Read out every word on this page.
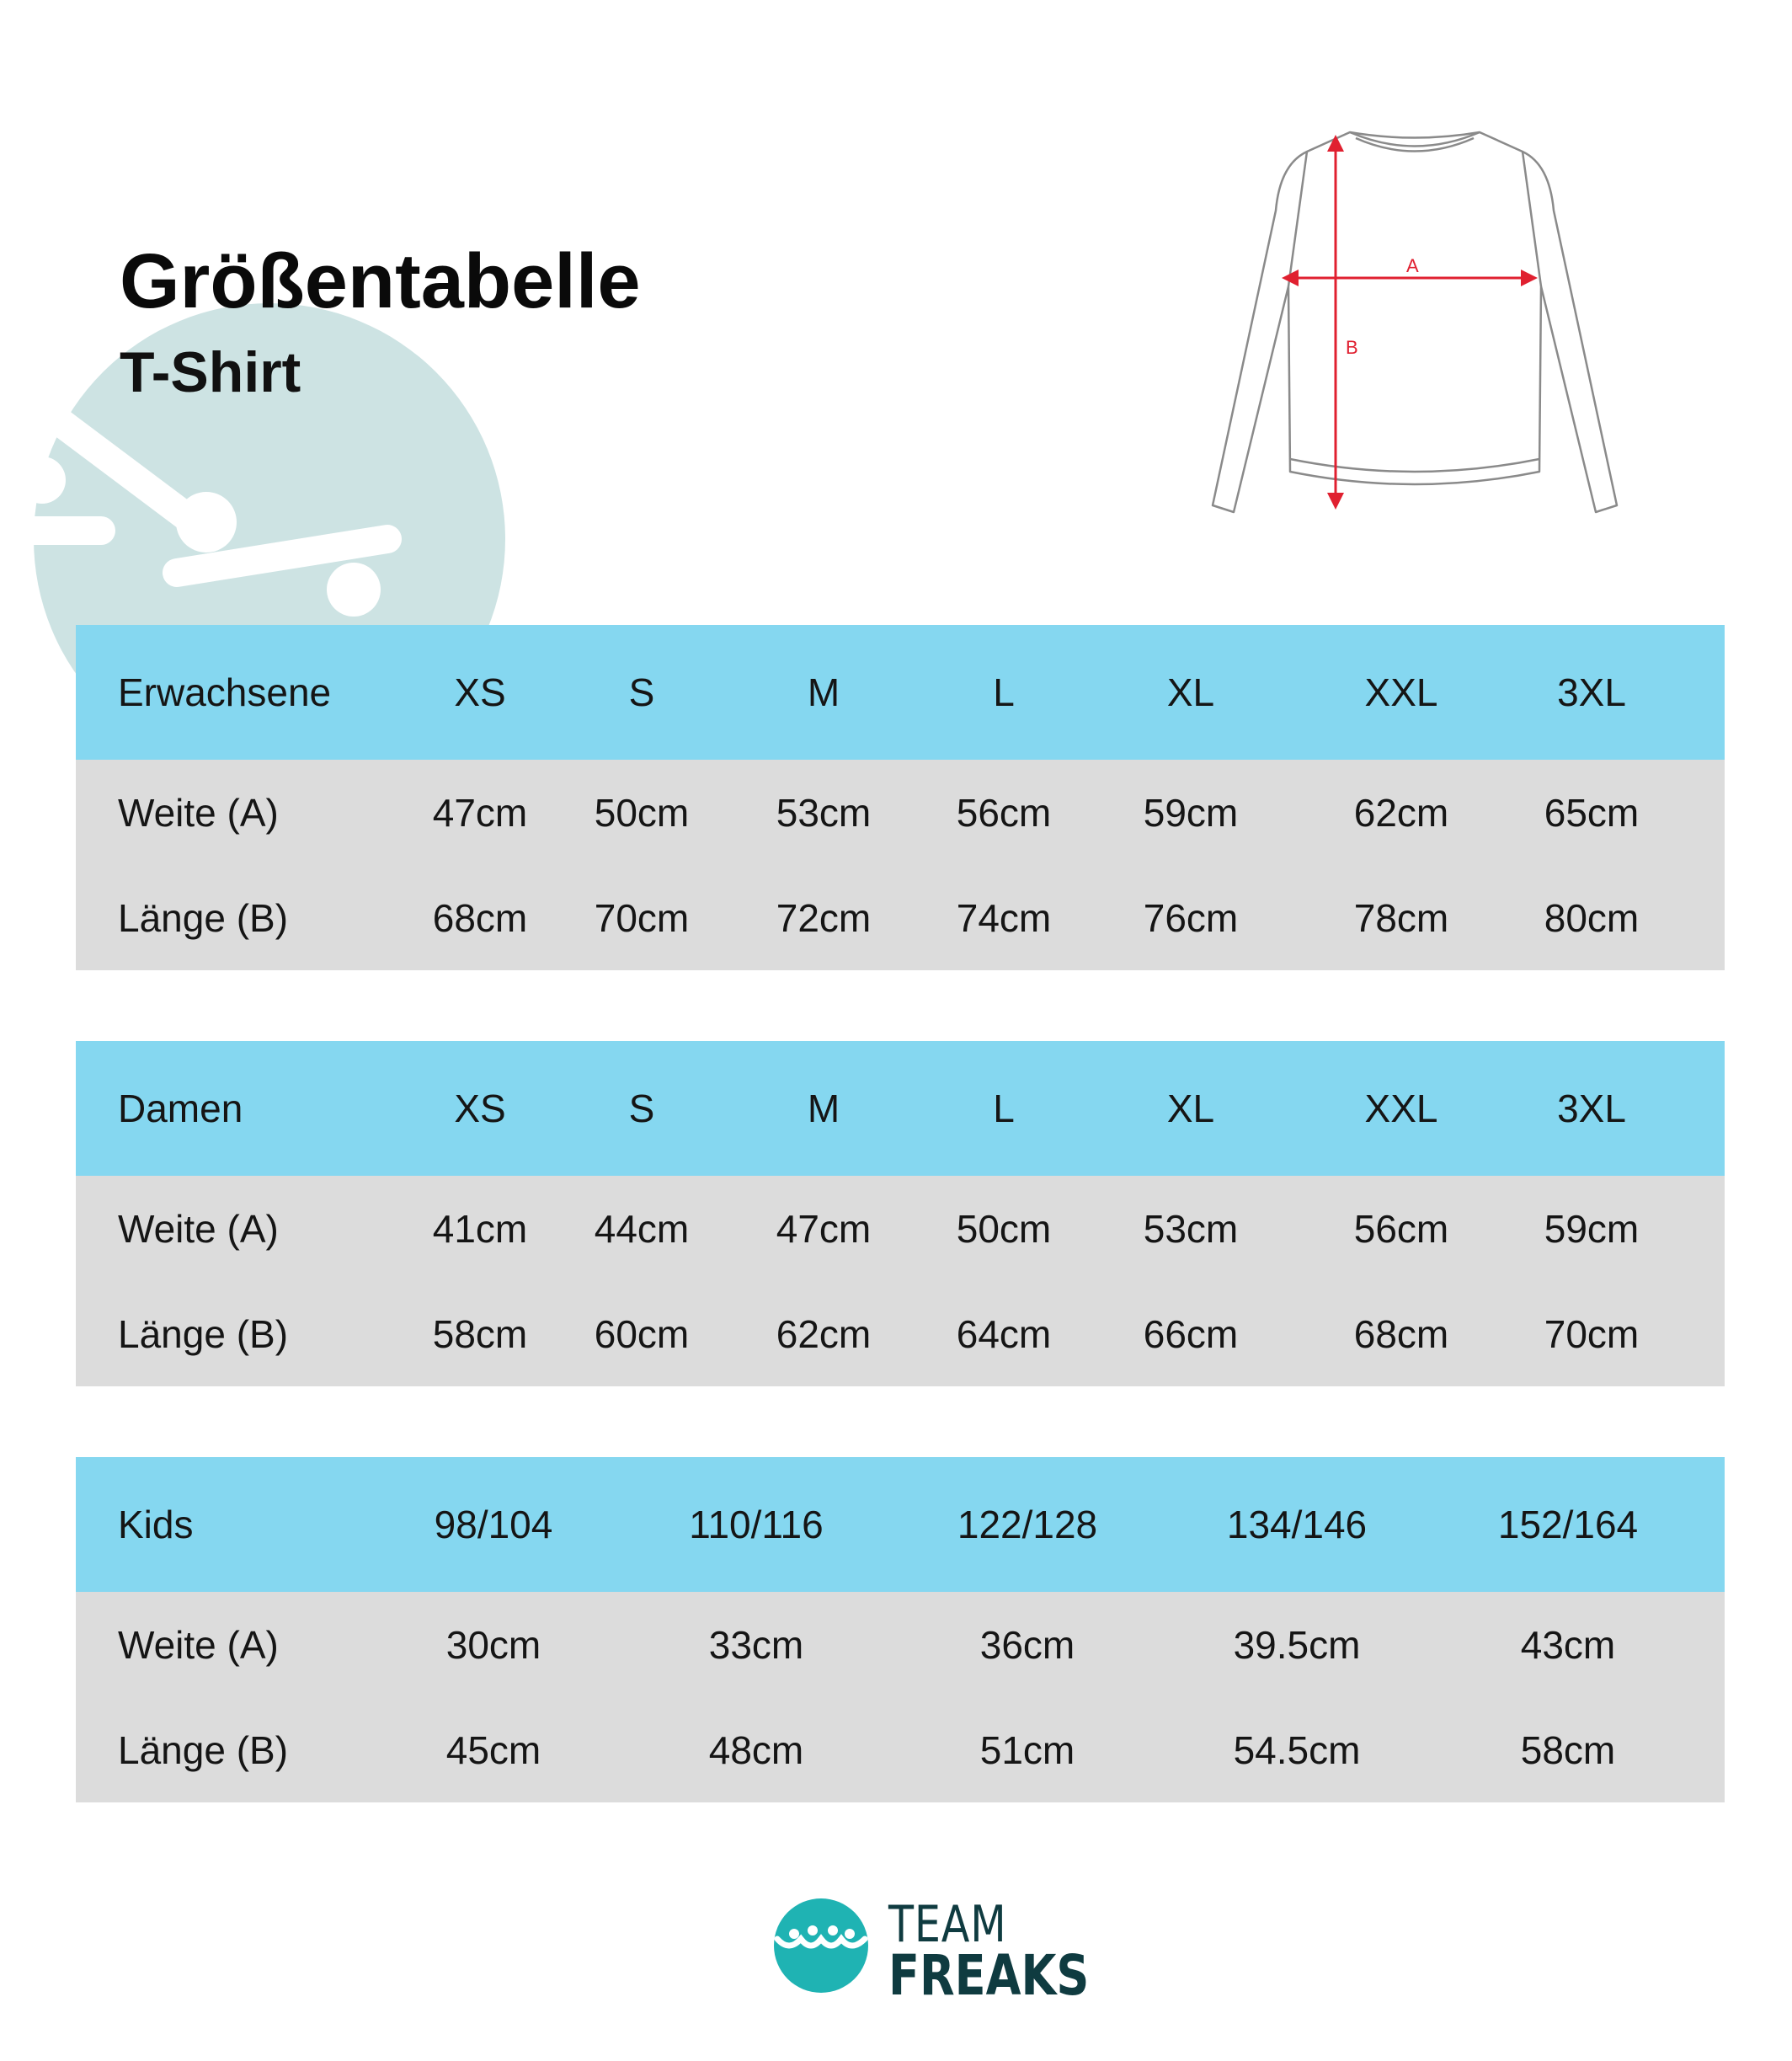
Größentabelle
T-Shirt
A
B
Erwachsene	XS	S	M	L	XL	XXL	3XL
Weite (A)	47cm 50cm 53cm 56cm 59cm	62cm 65cm
Länge (B)	68cm 70cm 72cm 74cm 76cm	78cm 80cm
Damen	XS	S	M	L	XL	XXL	3XL
Weite (A)	41cm 44cm 47cm 50cm 53cm	56cm 59cm
Länge (B)	58cm 60cm 62cm 64cm 66cm	68cm 70cm
Kids	98/104	110/116	122/128	134/146	152/164
Weite (A)	30cm	33cm	36cm	39.5cm	43cm
Länge (B)	45cm	48cm	51cm	54.5cm	58cm
TEAM
FREAKS
